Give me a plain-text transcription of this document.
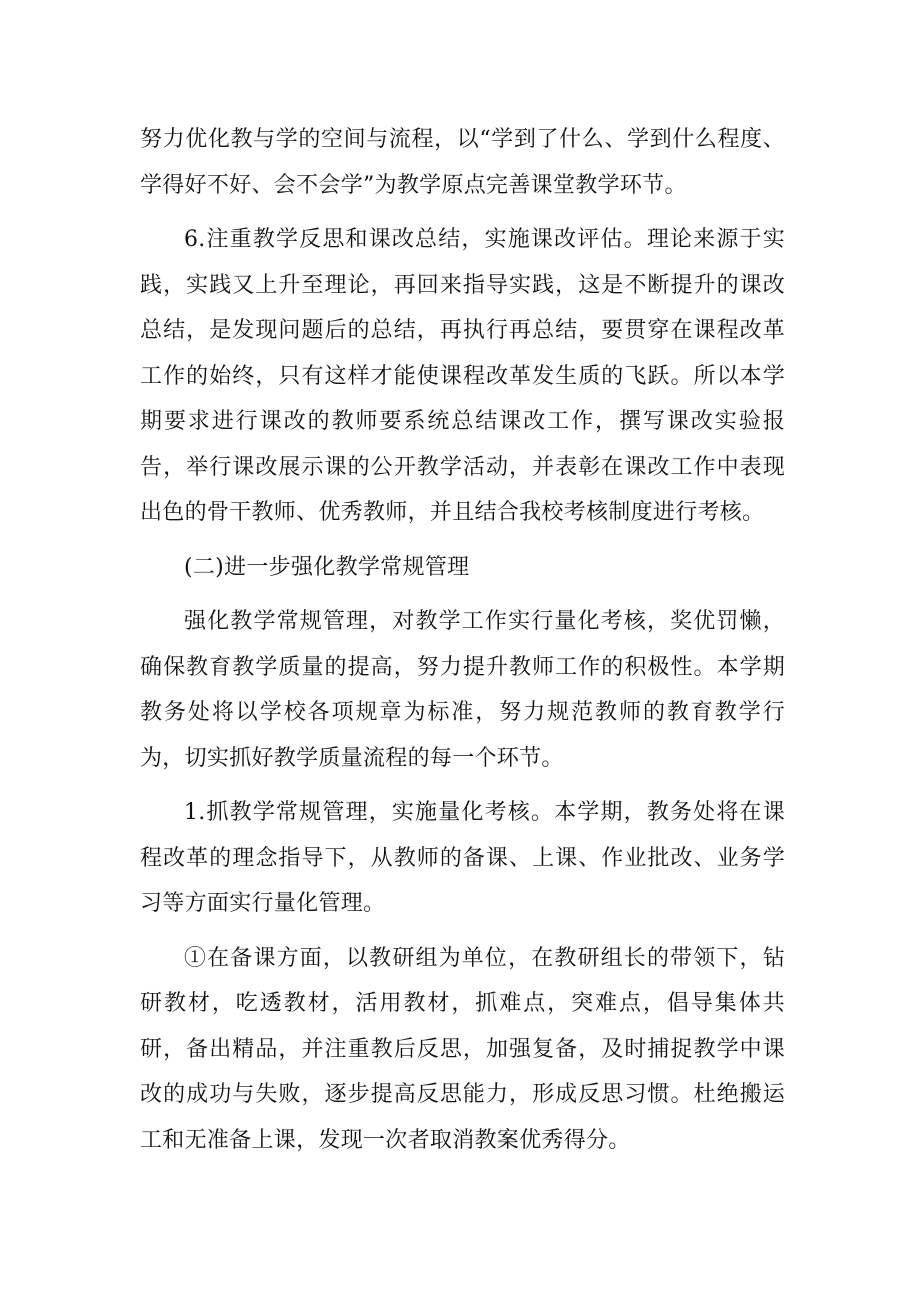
努力优化教与学的空间与流程，以“学到了什么、学到什么程度、学得好不好、会不会学”为教学原点完善课堂教学环节。

6.注重教学反思和课改总结，实施课改评估。理论来源于实践，实践又上升至理论，再回来指导实践，这是不断提升的课改总结，是发现问题后的总结，再执行再总结，要贯穿在课程改革工作的始终，只有这样才能使课程改革发生质的飞跃。所以本学期要求进行课改的教师要系统总结课改工作，撰写课改实验报告，举行课改展示课的公开教学活动，并表彰在课改工作中表现出色的骨干教师、优秀教师，并且结合我校考核制度进行考核。

(二)进一步强化教学常规管理

强化教学常规管理，对教学工作实行量化考核，奖优罚懒，确保教育教学质量的提高，努力提升教师工作的积极性。本学期教务处将以学校各项规章为标准，努力规范教师的教育教学行为，切实抓好教学质量流程的每一个环节。

1.抓教学常规管理，实施量化考核。本学期，教务处将在课程改革的理念指导下，从教师的备课、上课、作业批改、业务学习等方面实行量化管理。

①在备课方面，以教研组为单位，在教研组长的带领下，钻研教材，吃透教材，活用教材，抓难点，突难点，倡导集体共研，备出精品，并注重教后反思，加强复备，及时捕捉教学中课改的成功与失败，逐步提高反思能力，形成反思习惯。杜绝搬运工和无准备上课，发现一次者取消教案优秀得分。
